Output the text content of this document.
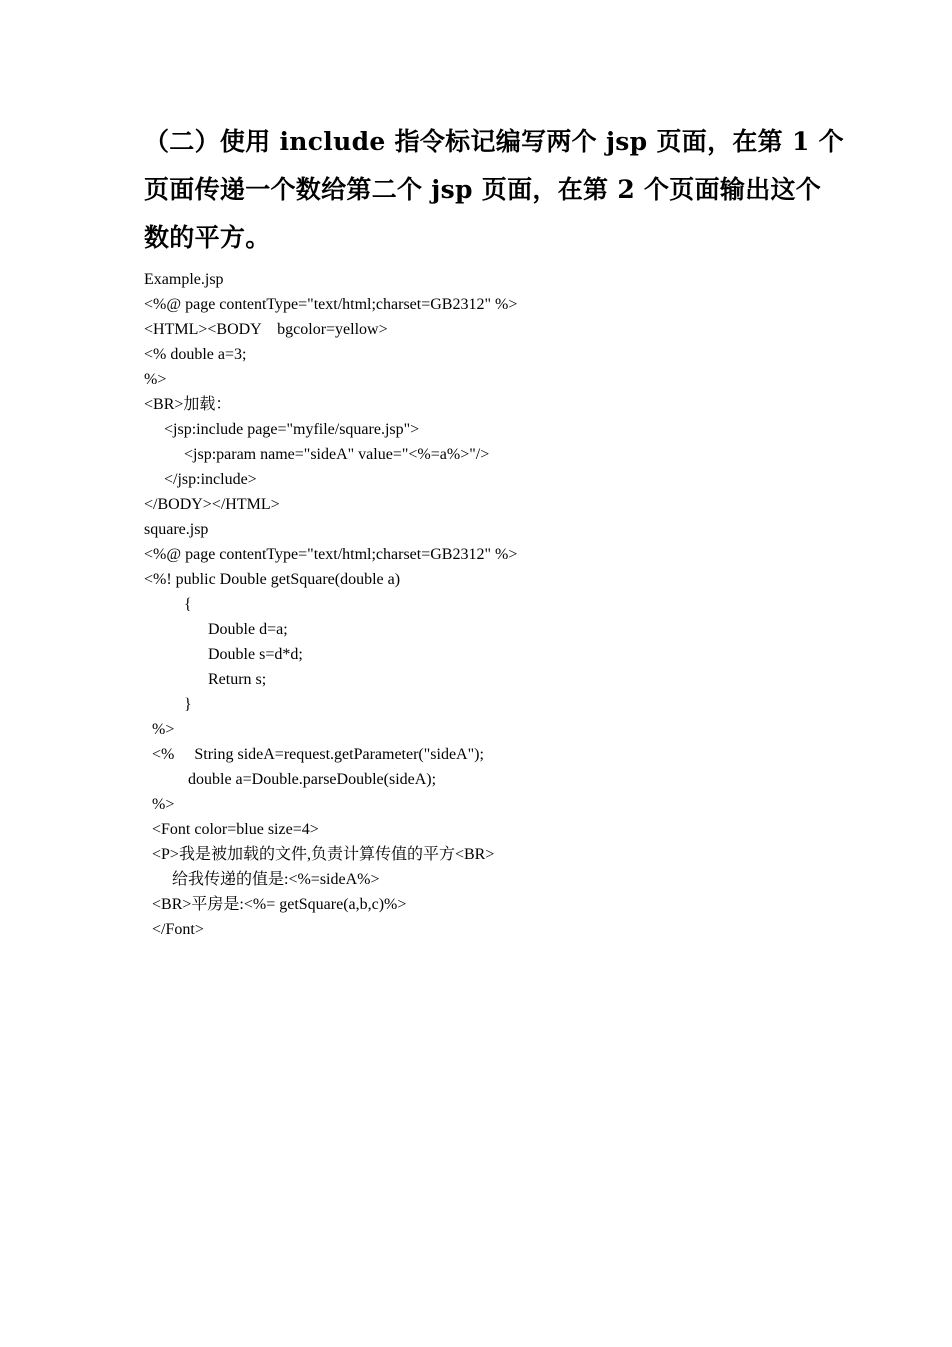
（二）使用 include 指令标记编写两个 jsp 页面，在第 1 个
页面传递一个数给第二个 jsp 页面，在第 2 个页面输出这个
数的平方。
Example.jsp
<%@ page contentType="text/html;charset=GB2312" %>
<HTML><BODY    bgcolor=yellow>
<% double a=3;
%>
<BR>加载：
<jsp:include page="myfile/square.jsp">
<jsp:param name="sideA" value="<%=a%>"/>
</jsp:include>
</BODY></HTML>
square.jsp
<%@ page contentType="text/html;charset=GB2312" %>
<%! public Double getSquare(double a)
{
Double d=a;
Double s=d*d;
Return s;
}
%>
<%     String sideA=request.getParameter("sideA");
double a=Double.parseDouble(sideA);
%>
<Font color=blue size=4>
<P>我是被加载的文件,负责计算传值的平方<BR>
给我传递的值是:<%=sideA%>
<BR>平房是:<%= getSquare(a,b,c)%>
</Font>
